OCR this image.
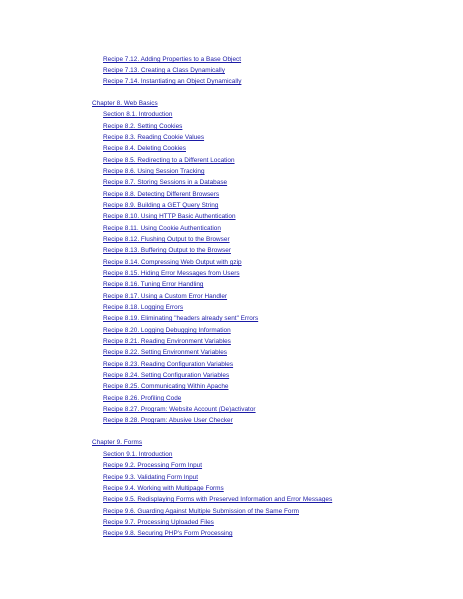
Recipe 7.12. Adding Properties to a Base Object
Recipe 7.13. Creating a Class Dynamically
Recipe 7.14. Instantiating an Object Dynamically
Chapter 8. Web Basics
Section 8.1. Introduction
Recipe 8.2. Setting Cookies
Recipe 8.3. Reading Cookie Values
Recipe 8.4. Deleting Cookies
Recipe 8.5. Redirecting to a Different Location
Recipe 8.6. Using Session Tracking
Recipe 8.7. Storing Sessions in a Database
Recipe 8.8. Detecting Different Browsers
Recipe 8.9. Building a GET Query String
Recipe 8.10. Using HTTP Basic Authentication
Recipe 8.11. Using Cookie Authentication
Recipe 8.12. Flushing Output to the Browser
Recipe 8.13. Buffering Output to the Browser
Recipe 8.14. Compressing Web Output with gzip
Recipe 8.15. Hiding Error Messages from Users
Recipe 8.16. Tuning Error Handling
Recipe 8.17. Using a Custom Error Handler
Recipe 8.18. Logging Errors
Recipe 8.19. Eliminating "headers already sent" Errors
Recipe 8.20. Logging Debugging Information
Recipe 8.21. Reading Environment Variables
Recipe 8.22. Setting Environment Variables
Recipe 8.23. Reading Configuration Variables
Recipe 8.24. Setting Configuration Variables
Recipe 8.25. Communicating Within Apache
Recipe 8.26. Profiling Code
Recipe 8.27. Program: Website Account (De)activator
Recipe 8.28. Program: Abusive User Checker
Chapter 9. Forms
Section 9.1. Introduction
Recipe 9.2. Processing Form Input
Recipe 9.3. Validating Form Input
Recipe 9.4. Working with Multipage Forms
Recipe 9.5. Redisplaying Forms with Preserved Information and Error Messages
Recipe 9.6. Guarding Against Multiple Submission of the Same Form
Recipe 9.7. Processing Uploaded Files
Recipe 9.8. Securing PHP's Form Processing
